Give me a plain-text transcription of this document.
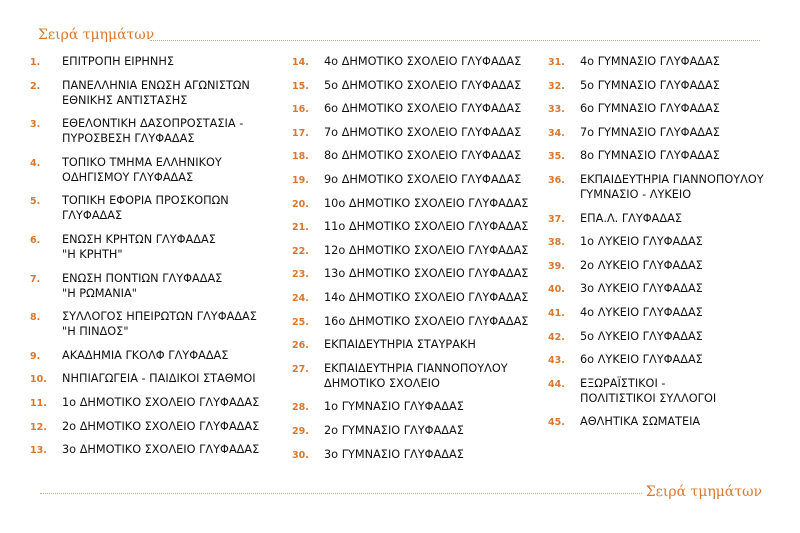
Σειρά τμημάτων
1.	ΕΠΙΤΡΟΠΗ ΕΙΡΗΝΗΣ
2.	ΠΑΝΕΛΛΗΝΙΑ ΕΝΩΣΗ ΑΓΩΝΙΣΤΩΝ
ΕΘΝΙΚΗΣ ΑΝΤΙΣΤΑΣΗΣ
3.	ΕΘΕΛΟΝΤΙΚΗ ΔΑΣΟΠΡΟΣΤΑΣΙΑ -
ΠΥΡΟΣΒΕΣΗ ΓΛΥΦΑΔΑΣ
4.	ΤΟΠΙΚΟ ΤΜΗΜΑ ΕΛΛΗΝΙΚΟΥ
ΟΔΗΓΙΣΜΟΥ ΓΛΥΦΑΔΑΣ
5.	ΤΟΠΙΚΗ ΕΦΟΡΙΑ ΠΡΟΣΚΟΠΩΝ
ΓΛΥΦΑΔΑΣ
6.	ΕΝΩΣΗ ΚΡΗΤΩΝ ΓΛΥΦΑΔΑΣ
"Η ΚΡΗΤΗ"
7.	ΕΝΩΣΗ ΠΟΝΤΙΩΝ ΓΛΥΦΑΔΑΣ
"Η ΡΩΜΑΝΙΑ"
8.	ΣΥΛΛΟΓΟΣ ΗΠΕΙΡΩΤΩΝ ΓΛΥΦΑΔΑΣ
"Η ΠΙΝΔΟΣ"
9.	ΑΚΑΔΗΜΙΑ ΓΚΟΛΦ ΓΛΥΦΑΔΑΣ
10.	ΝΗΠΙΑΓΩΓΕΙΑ - ΠΑΙΔΙΚΟΙ ΣΤΑΘΜΟΙ
11.	1ο ΔΗΜΟΤΙΚΟ ΣΧΟΛΕΙΟ ΓΛΥΦΑΔΑΣ
12.	2ο ΔΗΜΟΤΙΚΟ ΣΧΟΛΕΙΟ ΓΛΥΦΑΔΑΣ
13.	3ο ΔΗΜΟΤΙΚΟ ΣΧΟΛΕΙΟ ΓΛΥΦΑΔΑΣ
14.	4ο ΔΗΜΟΤΙΚΟ ΣΧΟΛΕΙΟ ΓΛΥΦΑΔΑΣ
15.	5ο ΔΗΜΟΤΙΚΟ ΣΧΟΛΕΙΟ ΓΛΥΦΑΔΑΣ
16.	6ο ΔΗΜΟΤΙΚΟ ΣΧΟΛΕΙΟ ΓΛΥΦΑΔΑΣ
17.	7ο ΔΗΜΟΤΙΚΟ ΣΧΟΛΕΙΟ ΓΛΥΦΑΔΑΣ
18.	8ο ΔΗΜΟΤΙΚΟ ΣΧΟΛΕΙΟ ΓΛΥΦΑΔΑΣ
19.	9ο ΔΗΜΟΤΙΚΟ ΣΧΟΛΕΙΟ ΓΛΥΦΑΔΑΣ
20.	10ο ΔΗΜΟΤΙΚΟ ΣΧΟΛΕΙΟ ΓΛΥΦΑΔΑΣ
21.	11ο ΔΗΜΟΤΙΚΟ ΣΧΟΛΕΙΟ ΓΛΥΦΑΔΑΣ
22.	12ο ΔΗΜΟΤΙΚΟ ΣΧΟΛΕΙΟ ΓΛΥΦΑΔΑΣ
23.	13ο ΔΗΜΟΤΙΚΟ ΣΧΟΛΕΙΟ ΓΛΥΦΑΔΑΣ
24.	14ο ΔΗΜΟΤΙΚΟ ΣΧΟΛΕΙΟ ΓΛΥΦΑΔΑΣ
25.	16ο ΔΗΜΟΤΙΚΟ ΣΧΟΛΕΙΟ ΓΛΥΦΑΔΑΣ
26.	ΕΚΠΑΙΔΕΥΤΗΡΙΑ ΣΤΑΥΡΑΚΗ
27.	ΕΚΠΑΙΔΕΥΤΗΡΙΑ ΓΙΑΝΝΟΠΟΥΛΟΥ
ΔΗΜΟΤΙΚΟ ΣΧΟΛΕΙΟ
28.	1ο ΓΥΜΝΑΣΙΟ ΓΛΥΦΑΔΑΣ
29.	2ο ΓΥΜΝΑΣΙΟ ΓΛΥΦΑΔΑΣ
30.	3ο ΓΥΜΝΑΣΙΟ ΓΛΥΦΑΔΑΣ
31.	4ο ΓΥΜΝΑΣΙΟ ΓΛΥΦΑΔΑΣ
32.	5ο ΓΥΜΝΑΣΙΟ ΓΛΥΦΑΔΑΣ
33.	6ο ΓΥΜΝΑΣΙΟ ΓΛΥΦΑΔΑΣ
34.	7ο ΓΥΜΝΑΣΙΟ ΓΛΥΦΑΔΑΣ
35.	8ο ΓΥΜΝΑΣΙΟ ΓΛΥΦΑΔΑΣ
36.	ΕΚΠΑΙΔΕΥΤΗΡΙΑ ΓΙΑΝΝΟΠΟΥΛΟΥ
ΓΥΜΝΑΣΙΟ - ΛΥΚΕΙΟ
37.	ΕΠΑ.Λ. ΓΛΥΦΑΔΑΣ
38.	1ο ΛΥΚΕΙΟ ΓΛΥΦΑΔΑΣ
39.	2ο ΛΥΚΕΙΟ ΓΛΥΦΑΔΑΣ
40.	3ο ΛΥΚΕΙΟ ΓΛΥΦΑΔΑΣ
41.	4ο ΛΥΚΕΙΟ ΓΛΥΦΑΔΑΣ
42.	5ο ΛΥΚΕΙΟ ΓΛΥΦΑΔΑΣ
43.	6ο ΛΥΚΕΙΟ ΓΛΥΦΑΔΑΣ
44.	ΕΞΩΡΑΪΣΤΙΚΟΙ -
ΠΟΛΙΤΙΣΤΙΚΟΙ ΣΥΛΛΟΓΟΙ
45.	ΑΘΛΗΤΙΚΑ ΣΩΜΑΤΕΙΑ
Σειρά τμημάτων
